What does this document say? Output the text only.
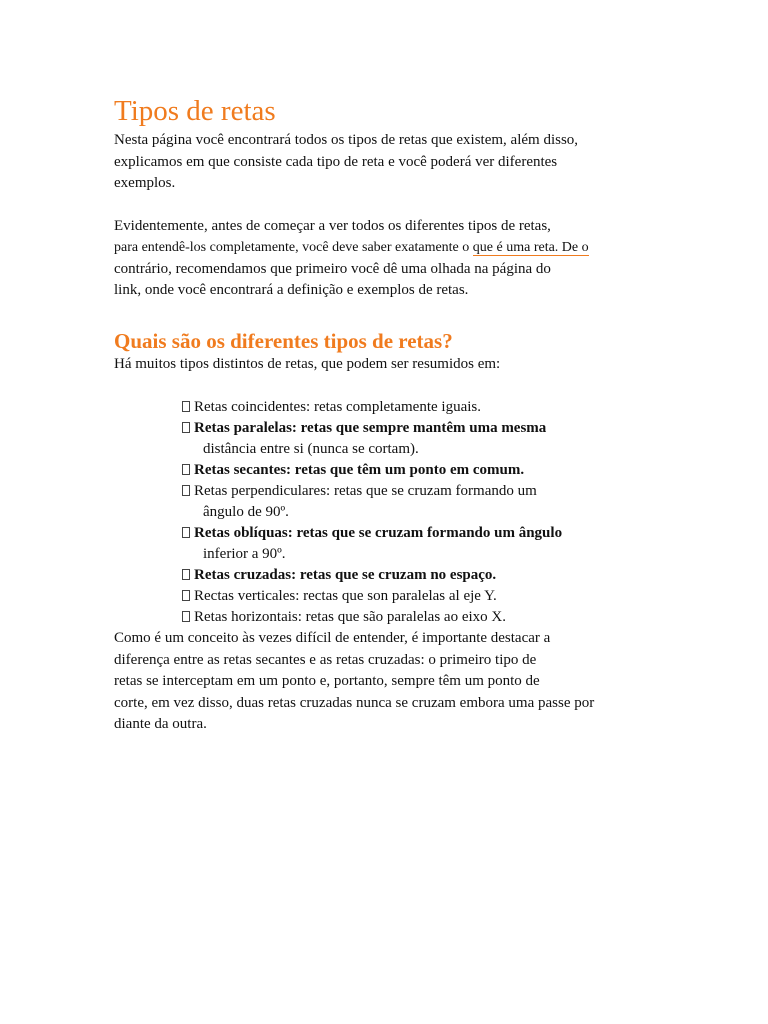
Tipos de retas

Nesta página você encontrará todos os tipos de retas que existem, além disso,
explicamos em que consiste cada tipo de reta e você poderá ver diferentes
exemplos.

Evidentemente, antes de começar a ver todos os diferentes tipos de retas,
para entendê-los completamente, você deve saber exatamente o que é uma reta. De o
contrário, recomendamos que primeiro você dê uma olhada na página do
link, onde você encontrará a definição e exemplos de retas.

Quais são os diferentes tipos de retas?

Há muitos tipos distintos de retas, que podem ser resumidos em:

Retas coincidentes: retas completamente iguais.
Retas paralelas: retas que sempre mantêm uma mesma
distância entre si (nunca se cortam).
Retas secantes: retas que têm um ponto em comum.
Retas perpendiculares: retas que se cruzam formando um
ângulo de 90º.
Retas oblíquas: retas que se cruzam formando um ângulo
inferior a 90º.
Retas cruzadas: retas que se cruzam no espaço.
Rectas verticales: rectas que son paralelas al eje Y.
Retas horizontais: retas que são paralelas ao eixo X.

Como é um conceito às vezes difícil de entender, é importante destacar a
diferença entre as retas secantes e as retas cruzadas: o primeiro tipo de
retas se interceptam em um ponto e, portanto, sempre têm um ponto de
corte, em vez disso, duas retas cruzadas nunca se cruzam embora uma passe por
diante da outra.
